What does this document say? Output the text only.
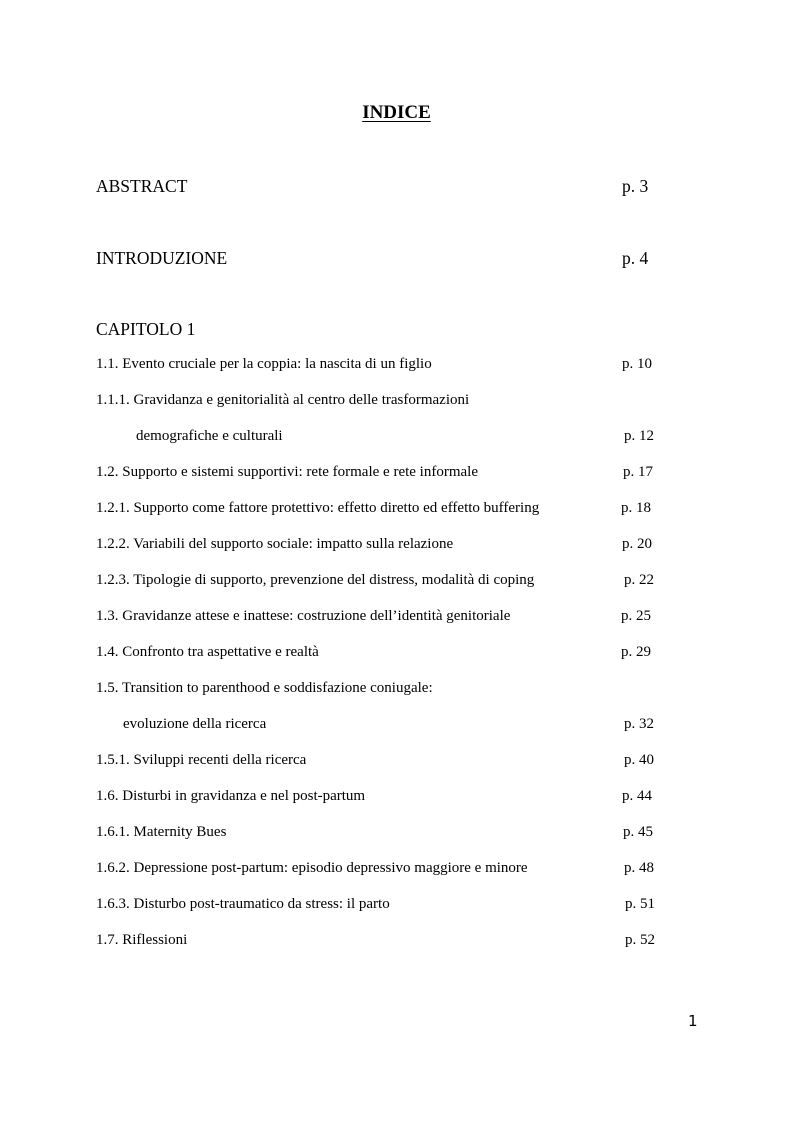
INDICE
ABSTRACT	p. 3
INTRODUZIONE	p. 4
CAPITOLO 1
1.1. Evento cruciale per la coppia: la nascita di un figlio	p. 10
1.1.1. Gravidanza e genitorialità al centro delle trasformazioni
demografiche e culturali	p. 12
1.2. Supporto e sistemi supportivi: rete formale e rete informale	p. 17
1.2.1. Supporto come fattore protettivo: effetto diretto ed effetto buffering	p. 18
1.2.2. Variabili del supporto sociale: impatto sulla relazione	p. 20
1.2.3. Tipologie di supporto, prevenzione del distress, modalità di coping	p. 22
1.3. Gravidanze attese e inattese: costruzione dell’identità genitoriale	p. 25
1.4. Confronto tra aspettative e realtà	p. 29
1.5. Transition to parenthood e soddisfazione coniugale:
evoluzione della ricerca	p. 32
1.5.1. Sviluppi recenti della ricerca	p. 40
1.6. Disturbi in gravidanza e nel post-partum	p. 44
1.6.1. Maternity Bues	p. 45
1.6.2. Depressione post-partum: episodio depressivo maggiore e minore	p. 48
1.6.3. Disturbo post-traumatico da stress: il parto	p. 51
1.7. Riflessioni	p. 52
1
